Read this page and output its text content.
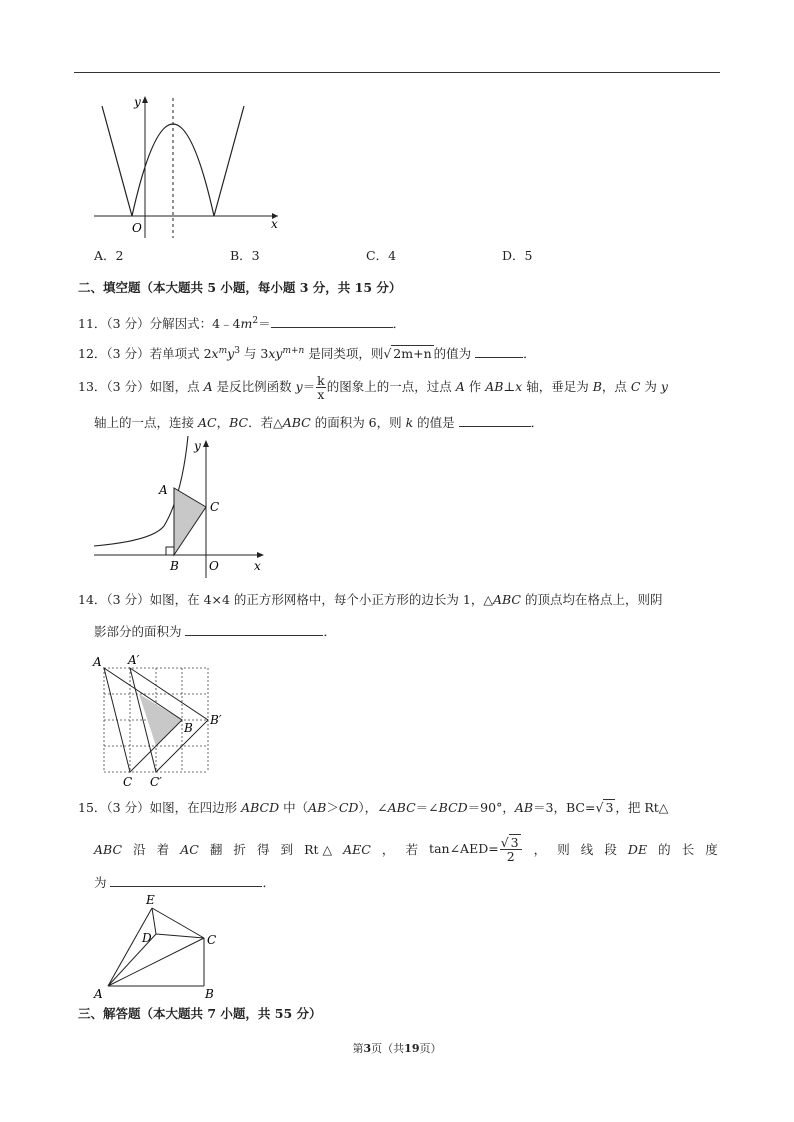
y
x
O
A．2	B．3	C．4	D．5
二、填空题（本大题共 5 小题，每小题 3 分，共 15 分）
11．（3 分）分解因式：$4﹣4m^2=$	．
12．（3 分）若单项式 $2x^my^3$ 与 $3xy^{m+n}$ 是同类项，则√ 2m+n 的值为	．
13．（3 分）如图，点 A 是反比例函数 $y= \frac{k}{x}$ 的图象上的一点，过点 A 作 AB⊥x 轴，垂足为 B，点 C 为 y
轴上的一点，连接 AC，BC．若△ABC 的面积为 6，则 k 的值是	．
y
A
C
B	O	x
14．（3 分）如图，在 4×4 的正方形网格中，每个小正方形的边长为 1，△ABC 的顶点均在格点上，则阴
影部分的面积为	．
A A′
B
B′
C C′
15．（3 分）如图，在四边形 ABCD 中（AB＞CD），∠ABC＝∠BCD＝90°，AB＝3，BC=√ 3 ，把 Rt△
ABC 沿 着 AC 翻 折 得 到 Rt △ AEC ， 若 tan∠AED= $\frac{√ 3}{2}$ ， 则 线 段 DE 的 长 度
为	．
E
D	C
A	B
三、解答题（本大题共 7 小题，共 55 分）
第3页（共19页）
